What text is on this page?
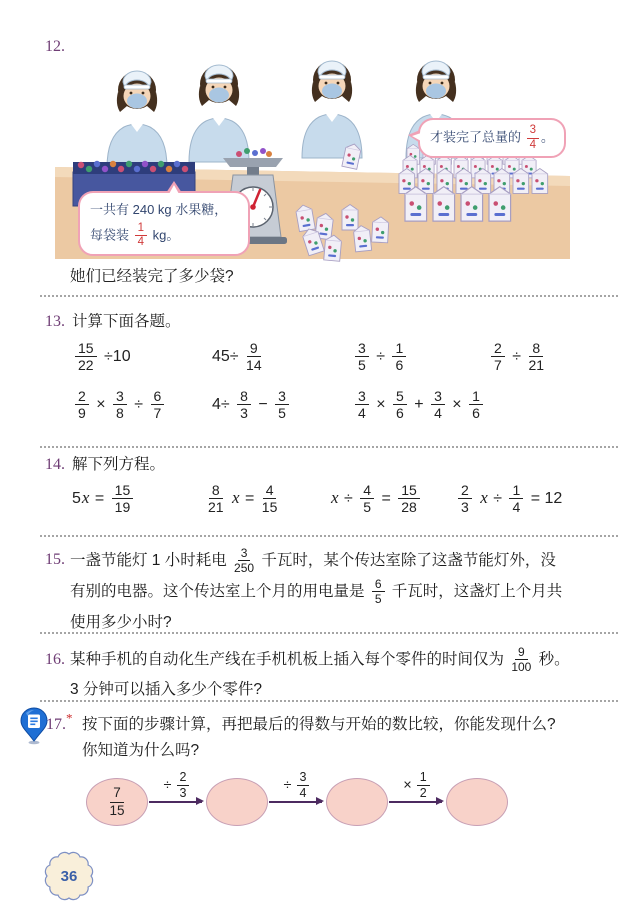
12.
一共有 240 kg 水果糖，每袋装 $\frac{1}{4}$ kg。
才装完了总量的 $\frac{3}{4}$ 。
她们已经装完了多少袋?
13. 计算下面各题。
$\frac{15}{22} \div 10$	$45\div \frac{9}{14}$	$\frac{3}{5} \div \frac{1}{6}$	$\frac{2}{7} \div \frac{8}{21}$
$\frac{2}{9} \times \frac{3}{8} \div \frac{6}{7}$	$4\div \frac{8}{3} - \frac{3}{5}$	$\frac{3}{4} \times \frac{5}{6} + \frac{3}{4} \times \frac{1}{6}$
14. 解下列方程。
$5x = \frac{15}{19}$	$\frac{8}{21}$ $x = \frac{4}{15}$	$x \div \frac{4}{5} = \frac{15}{28}$	$\frac{2}{3}$ $x \div \frac{1}{4} = 12$
15. 一盏节能灯 1 小时耗电 $\frac{3}{250}$ 千瓦时，某个传达室除了这盏节能灯外，没
有别的电器。这个传达室上个月的用电量是 $\frac{6}{5}$ 千瓦时，这盏灯上个月共
使用多少小时?
16. 某种手机的自动化生产线在手机机板上插入每个零件的时间仅为 $\frac{9}{100}$ 秒。
3 分钟可以插入多少个零件?
17.* 按下面的步骤计算，再把最后的得数与开始的数比较，你能发现什么?
你知道为什么吗?
$\frac{7}{15}$
÷ $\frac{2}{3}$	÷ $\frac{3}{4}$	× $\frac{1}{2}$
36
